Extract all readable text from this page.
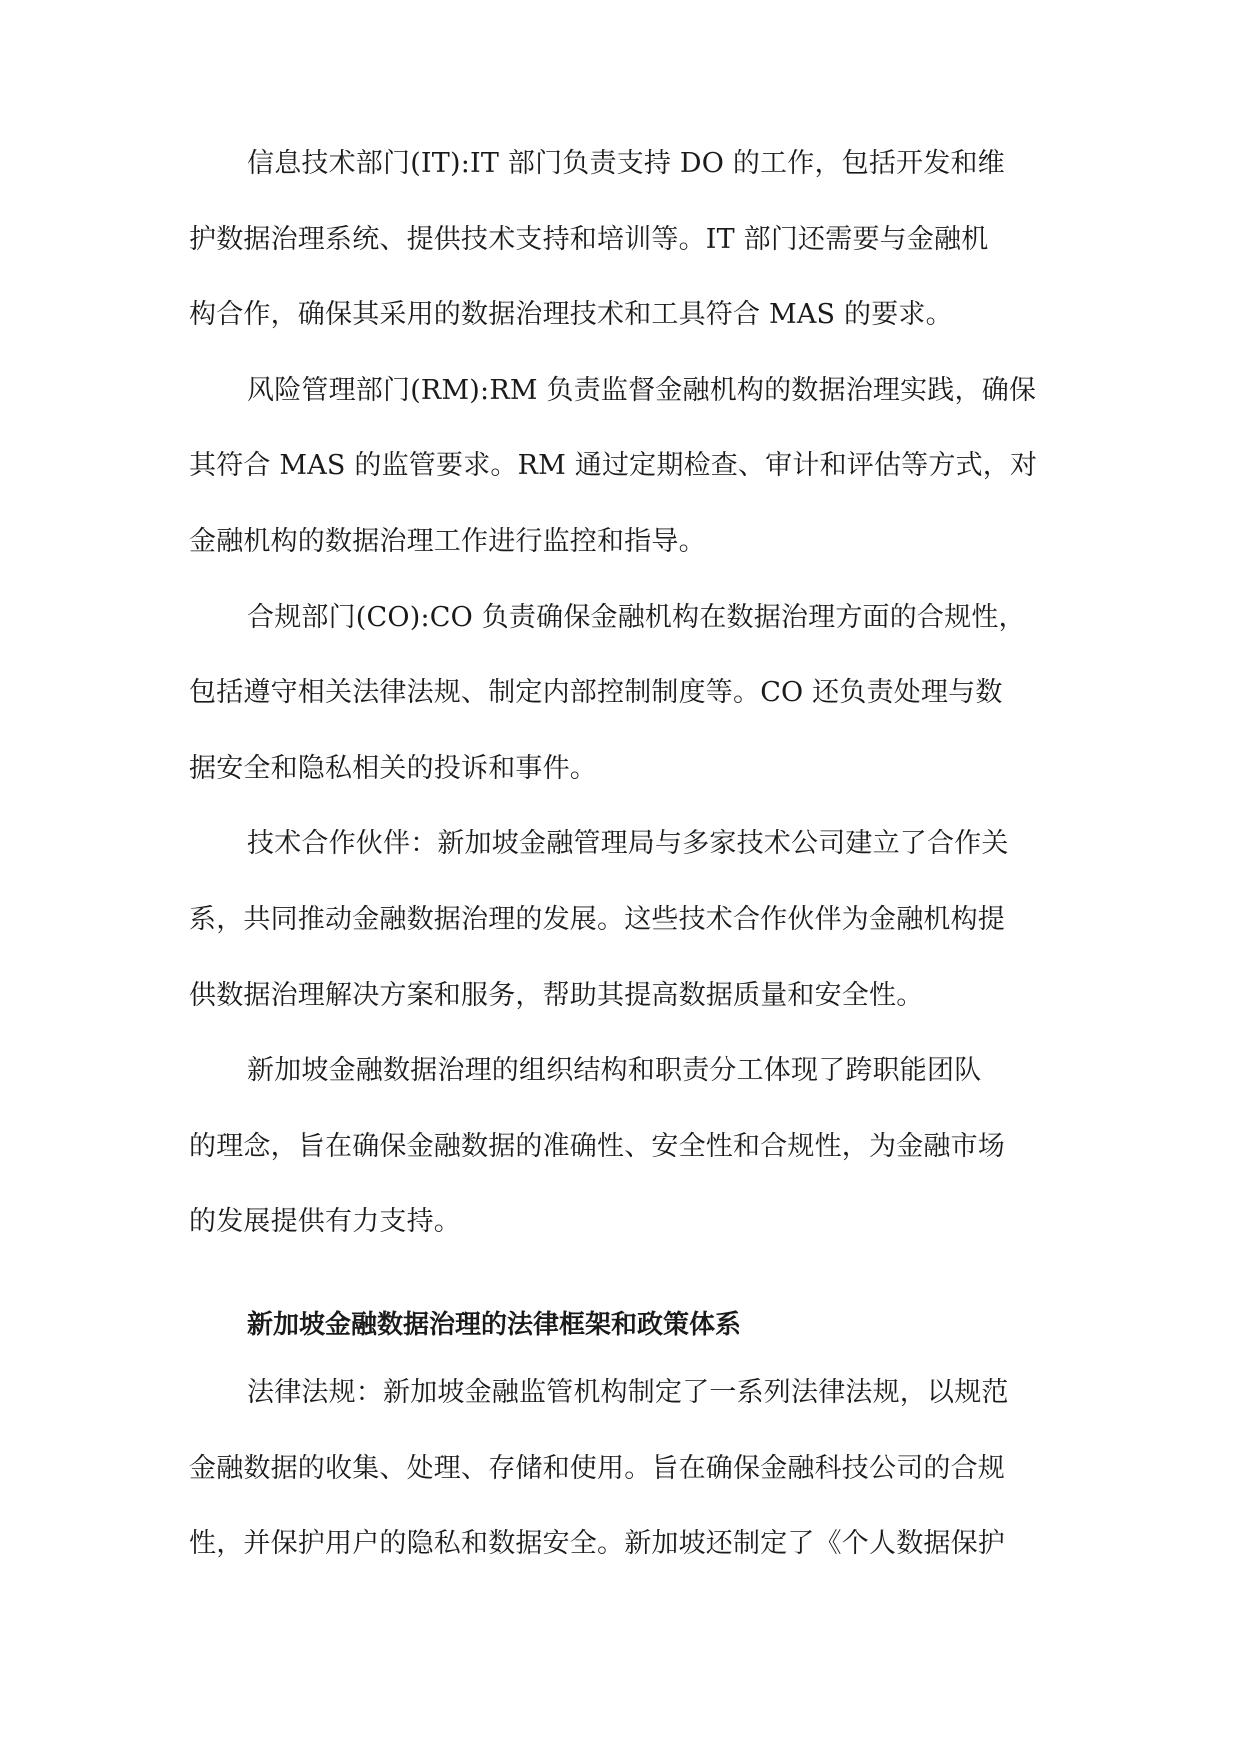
信息技术部门(IT):IT 部门负责支持 DO 的工作，包括开发和维
护数据治理系统、提供技术支持和培训等。IT 部门还需要与金融机
构合作，确保其采用的数据治理技术和工具符合 MAS 的要求。
风险管理部门(RM):RM 负责监督金融机构的数据治理实践，确保
其符合 MAS 的监管要求。RM 通过定期检查、审计和评估等方式，对
金融机构的数据治理工作进行监控和指导。
合规部门(CO):CO 负责确保金融机构在数据治理方面的合规性，
包括遵守相关法律法规、制定内部控制制度等。CO 还负责处理与数
据安全和隐私相关的投诉和事件。
技术合作伙伴：新加坡金融管理局与多家技术公司建立了合作关
系，共同推动金融数据治理的发展。这些技术合作伙伴为金融机构提
供数据治理解决方案和服务，帮助其提高数据质量和安全性。
新加坡金融数据治理的组织结构和职责分工体现了跨职能团队
的理念，旨在确保金融数据的准确性、安全性和合规性，为金融市场
的发展提供有力支持。
新加坡金融数据治理的法律框架和政策体系
法律法规：新加坡金融监管机构制定了一系列法律法规，以规范
金融数据的收集、处理、存储和使用。旨在确保金融科技公司的合规
性，并保护用户的隐私和数据安全。新加坡还制定了《个人数据保护
